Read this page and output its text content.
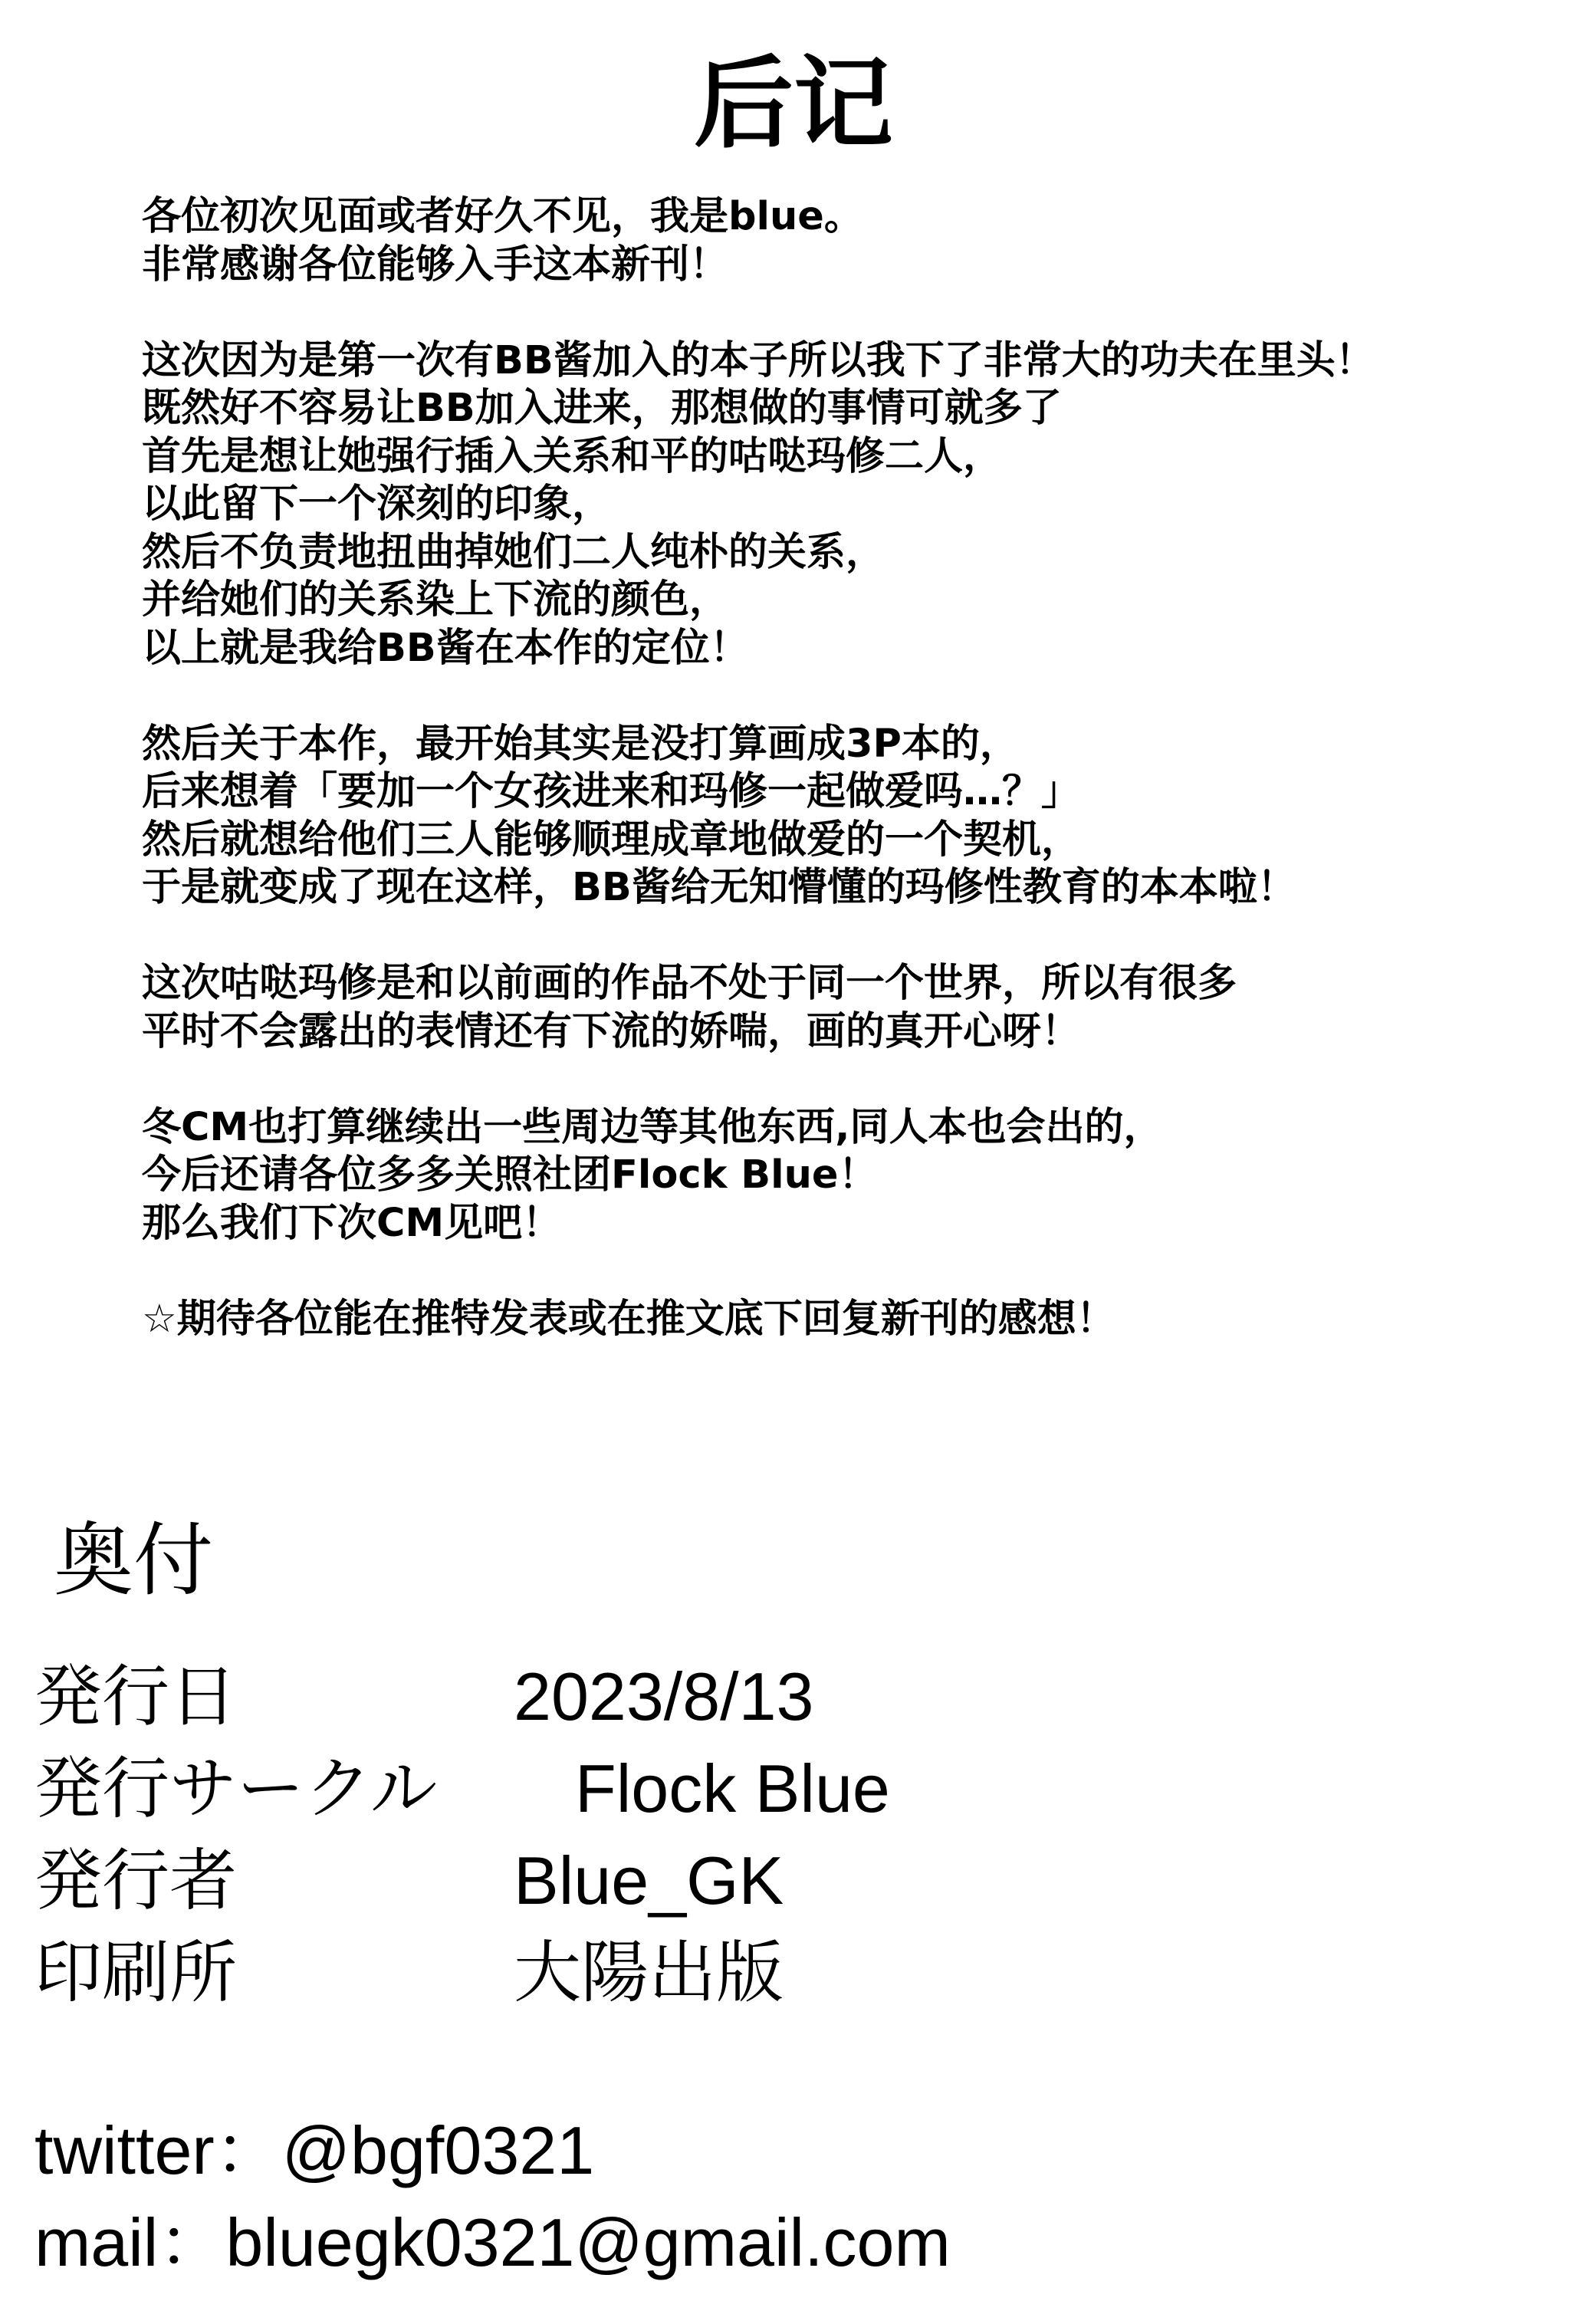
后记
各位初次见面或者好久不见，我是blue。
非常感谢各位能够入手这本新刊！
这次因为是第一次有BB酱加入的本子所以我下了非常大的功夫在里头！
既然好不容易让BB加入进来，那想做的事情可就多了
首先是想让她强行插入关系和平的咕哒玛修二人，
以此留下一个深刻的印象，
然后不负责地扭曲掉她们二人纯朴的关系，
并给她们的关系染上下流的颜色，
以上就是我给BB酱在本作的定位！
然后关于本作，最开始其实是没打算画成3P本的，
后来想着「要加一个女孩进来和玛修一起做爱吗…？」
然后就想给他们三人能够顺理成章地做爱的一个契机，
于是就变成了现在这样，BB酱给无知懵懂的玛修性教育的本本啦！
这次咕哒玛修是和以前画的作品不处于同一个世界，所以有很多
平时不会露出的表情还有下流的娇喘，画的真开心呀！
冬CM也打算继续出一些周边等其他东西,同人本也会出的，
今后还请各位多多关照社团Flock Blue！
那么我们下次CM见吧！
☆期待各位能在推特发表或在推文底下回复新刊的感想！
奥付
発行日	2023/8/13
発行サークル Flock Blue
発行者	Blue_GK
印刷所	大陽出版
twitter：@bgf0321
mail：bluegk0321@gmail.com
